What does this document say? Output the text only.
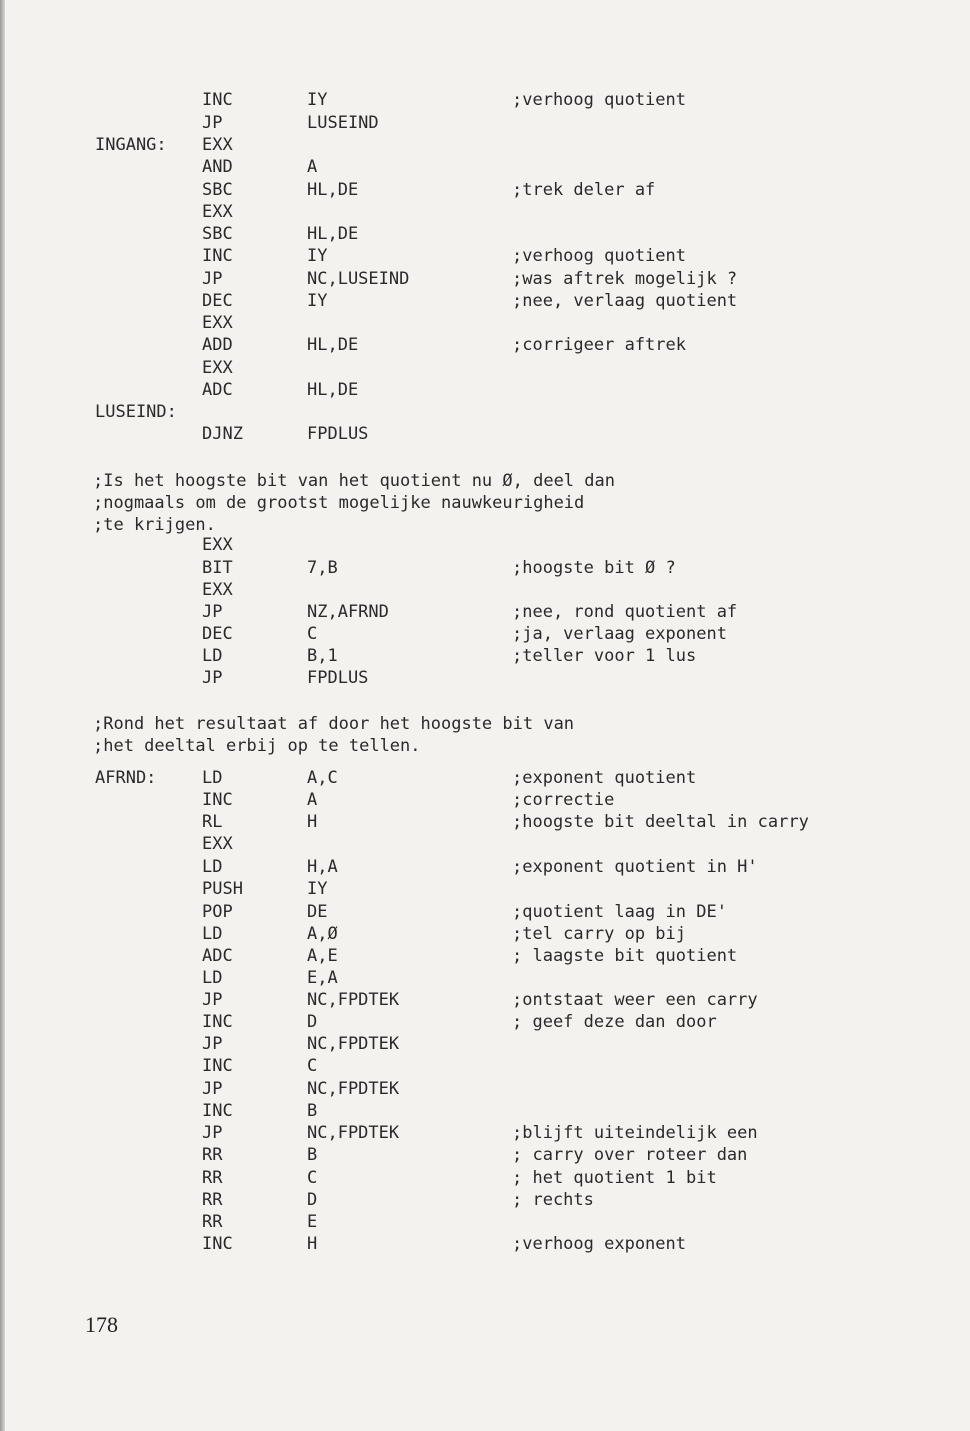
INC	IY	;verhoog quotient
JP	LUSEIND
INGANG: EXX
AND	A
SBC	HL,DE	;trek deler af
EXX
SBC	HL,DE
INC	IY	;verhoog quotient
JP	NC,LUSEIND	;was aftrek mogelijk ?
DEC	IY	;nee, verlaag quotient
EXX
ADD	HL,DE	;corrigeer aftrek
EXX
ADC	HL,DE
LUSEIND:
DJNZ	FPDLUS
;Is het hoogste bit van het quotient nu Ø, deel dan
;nogmaals om de grootst mogelijke nauwkeurigheid
;te krijgen.
EXX
BIT	7,B	;hoogste bit Ø ?
EXX
JP	NZ,AFRND	;nee, rond quotient af
DEC	C	;ja, verlaag exponent
LD	B,1	;teller voor 1 lus
JP	FPDLUS
;Rond het resultaat af door het hoogste bit van
;het deeltal erbij op te tellen.
AFRND:	LD	A,C	;exponent quotient
INC	A	;correctie
RL	H	;hoogste bit deeltal in carry
EXX
LD	H,A	;exponent quotient in H'
PUSH	IY
POP	DE	;quotient laag in DE'
LD	A,Ø	;tel carry op bij
ADC	A,E	; laagste bit quotient
LD	E,A
JP	NC,FPDTEK	;ontstaat weer een carry
INC	D	; geef deze dan door
JP	NC,FPDTEK
INC	C
JP	NC,FPDTEK
INC	B
JP	NC,FPDTEK	;blijft uiteindelijk een
RR	B	; carry over roteer dan
RR	C	; het quotient 1 bit
RR	D	; rechts
RR	E
INC	H	;verhoog exponent
178
